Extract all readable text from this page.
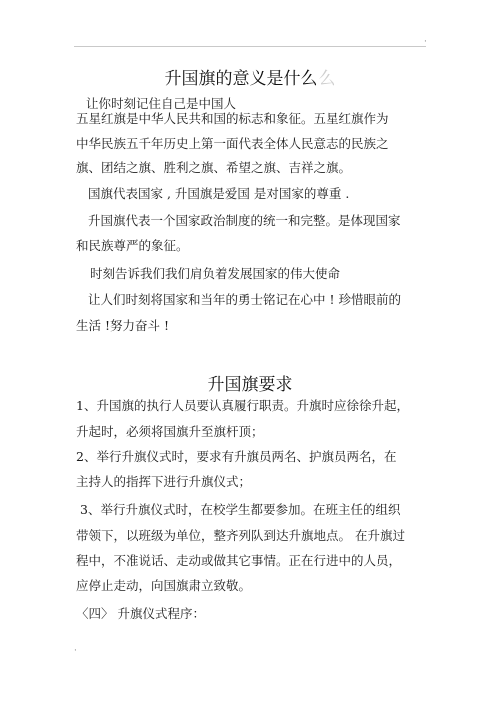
·
升国旗的意义是什么么
让你时刻记住自己是中国人
五星红旗是中华人民共和国的标志和象征。五星红旗作为
中华民族五千年历史上第一面代表全体人民意志的民族之
旗、团结之旗、胜利之旗、希望之旗、吉祥之旗。
国旗代表国家 , 升国旗是爱国 是对国家的尊重 .
升国旗代表一个国家政治制度的统一和完整。是体现国家
和民族尊严的象征。
时刻告诉我们我们肩负着发展国家的伟大使命
让人们时刻将国家和当年的勇士铭记在心中 ! 珍惜眼前的
生活 !努力奋斗 !
升国旗要求
1、升国旗的执行人员要认真履行职责。升旗时应徐徐升起，
升起时，必须将国旗升至旗杆顶；
2、举行升旗仪式时，要求有升旗员两名、护旗员两名，在
主持人的指挥下进行升旗仪式；
3、举行升旗仪式时，在校学生都要参加。在班主任的组织
带领下，以班级为单位，整齐列队到达升旗地点。 在升旗过
程中，不准说话、走动或做其它事情。正在行进中的人员，
应停止走动，向国旗肃立致敬。
〈四〉 升旗仪式程序：
·
